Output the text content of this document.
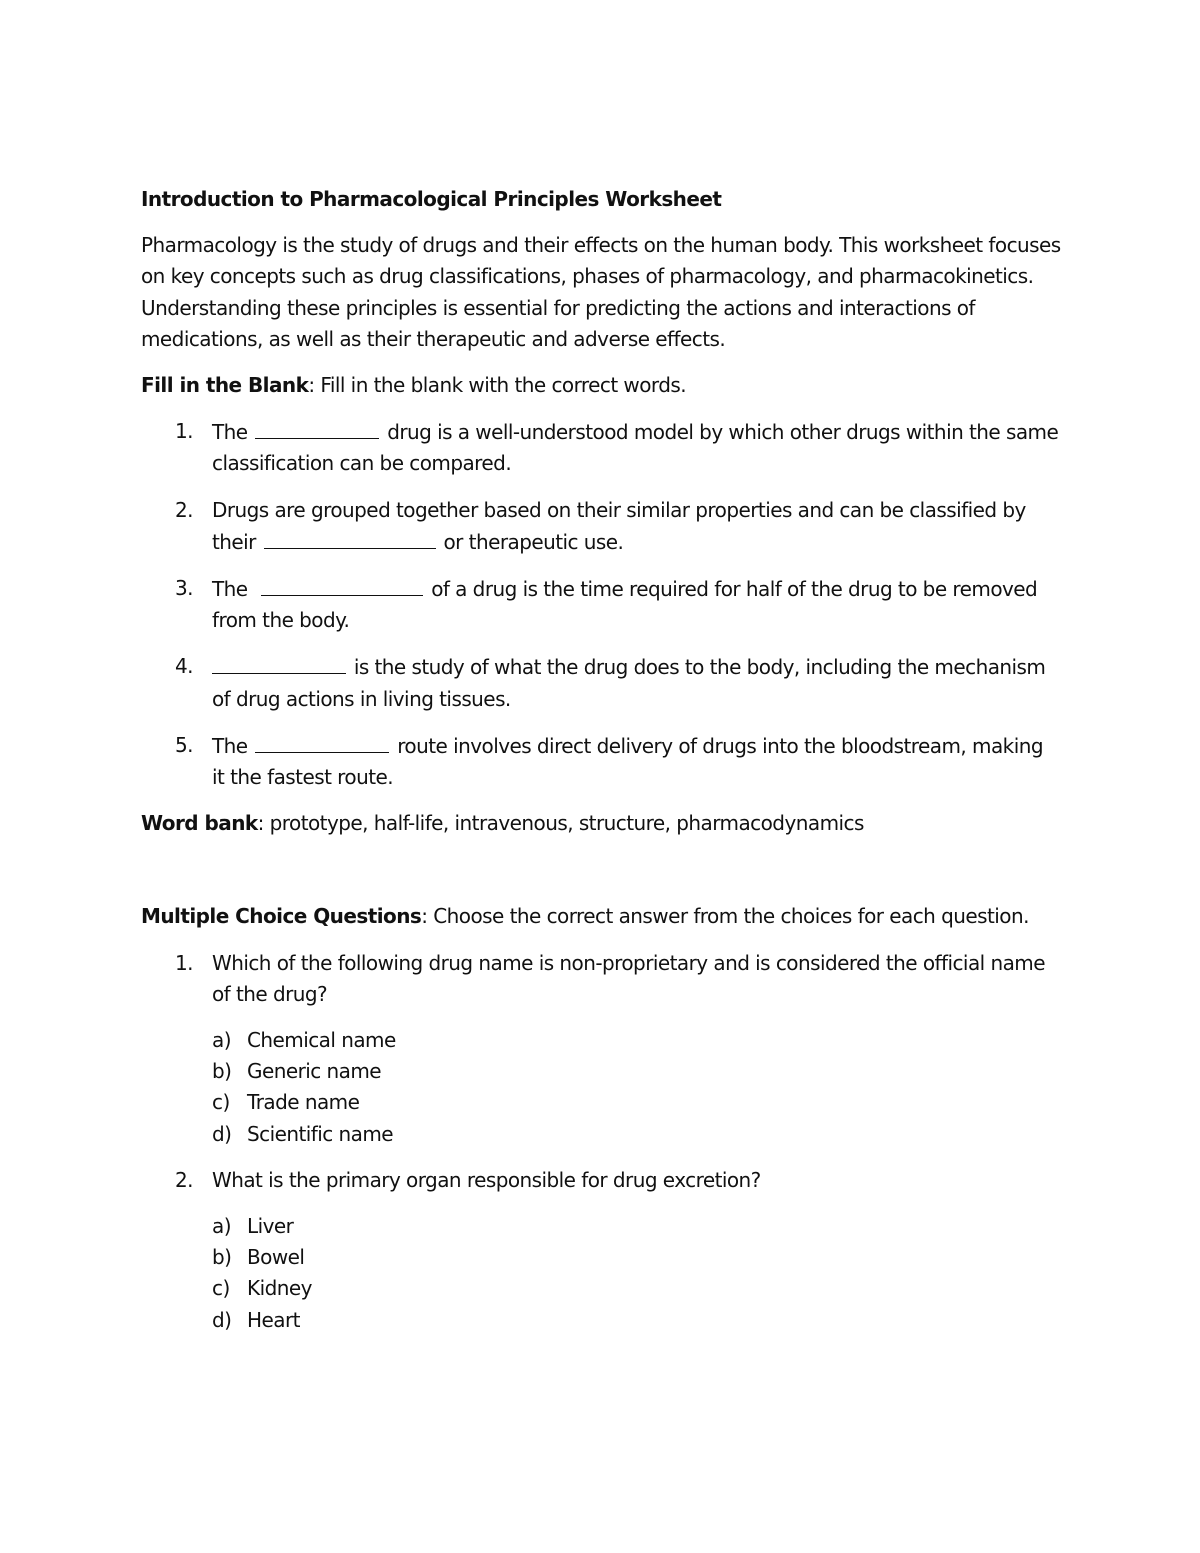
Introduction to Pharmacological Principles Worksheet
Pharmacology is the study of drugs and their effects on the human body. This worksheet focuses on key concepts such as drug classifications, phases of pharmacology, and pharmacokinetics. Understanding these principles is essential for predicting the actions and interactions of medications, as well as their therapeutic and adverse effects.
Fill in the Blank: Fill in the blank with the correct words.
1. The	drug is a well-understood model by which other drugs within the same classification can be compared.
2. Drugs are grouped together based on their similar properties and can be classified by their	or therapeutic use.
3. The	of a drug is the time required for half of the drug to be removed from the body.
4.	is the study of what the drug does to the body, including the mechanism of drug actions in living tissues.
5. The	route involves direct delivery of drugs into the bloodstream, making it the fastest route.
Word bank: prototype, half-life, intravenous, structure, pharmacodynamics
Multiple Choice Questions: Choose the correct answer from the choices for each question.
1. Which of the following drug name is non-proprietary and is considered the official name of the drug?
a) Chemical name
b) Generic name
c) Trade name
d) Scientific name
2. What is the primary organ responsible for drug excretion?
a) Liver
b) Bowel
c) Kidney
d) Heart
